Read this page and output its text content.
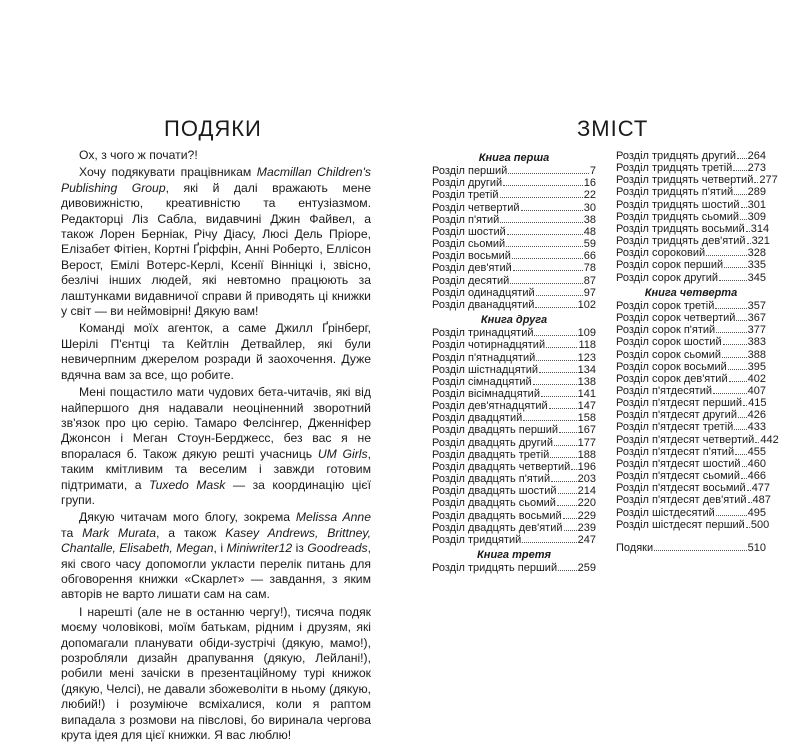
ПОДЯКИ

Ох, з чого ж почати?!

Хочу подякувати працівникам Macmillan Children's Publishing Group, які й далі вражають мене дивовижністю, креативністю та ентузіазмом. Редакторці Ліз Сабла, видавчині Джин Файвел, а також Лорен Берніак, Річу Діасу, Люсі Дель Пріоре, Елізабет Фітіен, Кортні Ґріффін, Анні Роберто, Еллісон Верост, Емілі Вотерс-Керлі, Ксенії Вінніцкі і, звісно, безлічі інших людей, які невтомно працюють за лаштунками видавничої справи й приводять ці книжки у світ — ви неймовірні! Дякую вам!

Команді моїх агенток, а саме Джилл Ґрінберг, Шерілі П'єнтці та Кейтлін Детвайлер, які були невичерпним джерелом розради й заохочення. Дуже вдячна вам за все, що робите.

Мені пощастило мати чудових бета-читачів, які від найпершого дня надавали неоціненний зворотний зв'язок про цю серію. Тамаро Фелсінгер, Дженніфер Джонсон і Меган Стоун-Берджесс, без вас я не впоралася б. Також дякую решті учасниць UM Girls, таким кмітливим та веселим і завжди готовим підтримати, а Tuxedo Mask — за координацію цієї групи.

Дякую читачам мого блогу, зокрема Melissa Anne та Mark Murata, а також Kasey Andrews, Brittney, Chantalle, Elisabeth, Megan, і Miniwriter12 із Goodreads, які свого часу допомогли укласти перелік питань для обговорення книжки «Скарлет» — завдання, з яким авторів не варто лишати сам на сам.

І нарешті (але не в останню чергу!), тисяча подяк моєму чоловікові, моїм батькам, рідним і друзям, які допомагали планувати обіди-зустрічі (дякую, мамо!), розробляли дизайн драпування (дякую, Лейлані!), робили мені зачіски в презентаційному турі книжок (дякую, Челсі), не давали збожеволіти в ньому (дякую, любий!) і розуміюче всміхалися, коли я раптом випадала з розмови на півслові, бо виринала чергова крута ідея для цієї книжки. Я вас люблю!

ЗМІСТ
Книга перша
Розділ перший	7
Розділ другий	16
Розділ третій	22
Розділ четвертий	30
Розділ п'ятий	38
Розділ шостий	48
Розділ сьомий	59
Розділ восьмий	66
Розділ дев'ятий	78
Розділ десятий	87
Розділ одинадцятий	97
Розділ дванадцятий	102
Книга друга
Розділ тринадцятий	109
Розділ чотирнадцятий	118
Розділ п'ятнадцятий	123
Розділ шістнадцятий	134
Розділ сімнадцятий	138
Розділ вісімнадцятий	141
Розділ дев'ятнадцятий	147
Розділ двадцятий	158
Розділ двадцять перший 167
Розділ двадцять другий 177
Розділ двадцять третій	188
Розділ двадцять четвертий 196
Розділ двадцять п'ятий	203
Розділ двадцять шостий 214
Розділ двадцять сьомий 220
Розділ двадцять восьмий 229
Розділ двадцять дев'ятий 239
Розділ тридцятий	247
Книга третя
Розділ тридцять перший 259
Розділ тридцять другий 264
Розділ тридцять третій 273
Розділ тридцять четвертий 277
Розділ тридцять п'ятий 289
Розділ тридцять шостий 301
Розділ тридцять сьомий 309
Розділ тридцять восьмий 314
Розділ тридцять дев'ятий 321
Розділ сороковий	328
Розділ сорок перший 335
Розділ сорок другий	345
Книга четверта
Розділ сорок третій	357
Розділ сорок четвертий 367
Розділ сорок п'ятий	377
Розділ сорок шостий 383
Розділ сорок сьомий 388
Розділ сорок восьмий 395
Розділ сорок дев'ятий 402
Розділ п'ятдесятий	407
Розділ п'ятдесят перший 415
Розділ п'ятдесят другий 426
Розділ п'ятдесят третій 433
Розділ п'ятдесят четвертий 442
Розділ п'ятдесят п'ятий 455
Розділ п'ятдесят шостий 460
Розділ п'ятдесят сьомий 466
Розділ п'ятдесят восьмий 477
Розділ п'ятдесят дев'ятий 487
Розділ шістдесятий	495
Розділ шістдесят перший 500
Подяки	510
